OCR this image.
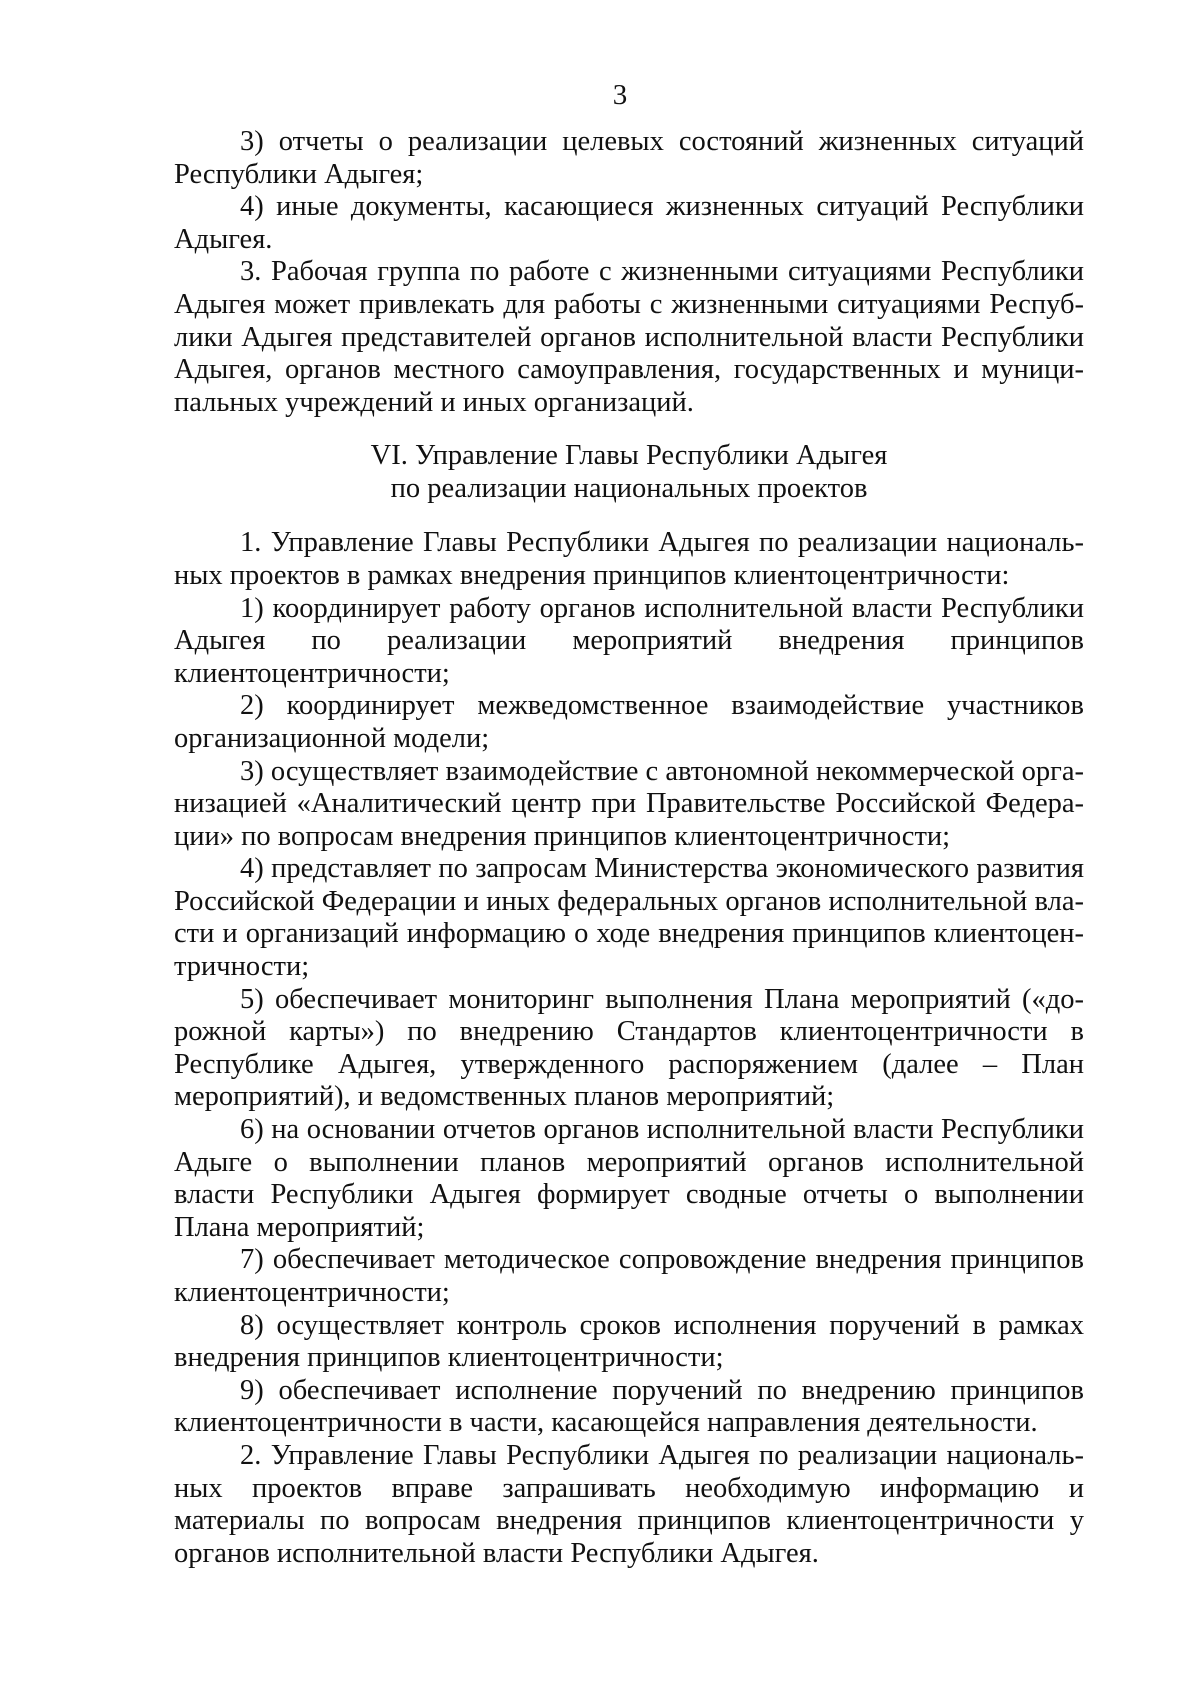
3

3) отчеты о реализации целевых состояний жизненных ситуаций Республики Адыгея;

4) иные документы, касающиеся жизненных ситуаций Республики Адыгея.

3. Рабочая группа по работе с жизненными ситуациями Республики Адыгея может привлекать для работы с жизненными ситуациями Республики Адыгея представителей органов исполнительной власти Республики Адыгея, органов местного самоуправления, государственных и муниципальных учреждений и иных организаций.

VI. Управление Главы Республики Адыгея
по реализации национальных проектов

1. Управление Главы Республики Адыгея по реализации национальных проектов в рамках внедрения принципов клиентоцентричности:

1) координирует работу органов исполнительной власти Республики Адыгея по реализации мероприятий внедрения принципов клиентоцентричности;

2) координирует межведомственное взаимодействие участников организационной модели;

3) осуществляет взаимодействие с автономной некоммерческой организацией «Аналитический центр при Правительстве Российской Федерации» по вопросам внедрения принципов клиентоцентричности;

4) представляет по запросам Министерства экономического развития Российской Федерации и иных федеральных органов исполнительной власти и организаций информацию о ходе внедрения принципов клиентоцентричности;

5) обеспечивает мониторинг выполнения Плана мероприятий («дорожной карты») по внедрению Стандартов клиентоцентричности в Республике Адыгея, утвержденного распоряжением (далее – План мероприятий), и ведомственных планов мероприятий;

6) на основании отчетов органов исполнительной власти Республики Адыге о выполнении планов мероприятий органов исполнительной власти Республики Адыгея формирует сводные отчеты о выполнении Плана мероприятий;

7) обеспечивает методическое сопровождение внедрения принципов клиентоцентричности;

8) осуществляет контроль сроков исполнения поручений в рамках внедрения принципов клиентоцентричности;

9) обеспечивает исполнение поручений по внедрению принципов клиентоцентричности в части, касающейся направления деятельности.

2. Управление Главы Республики Адыгея по реализации национальных проектов вправе запрашивать необходимую информацию и материалы по вопросам внедрения принципов клиентоцентричности у органов исполнительной власти Республики Адыгея.
